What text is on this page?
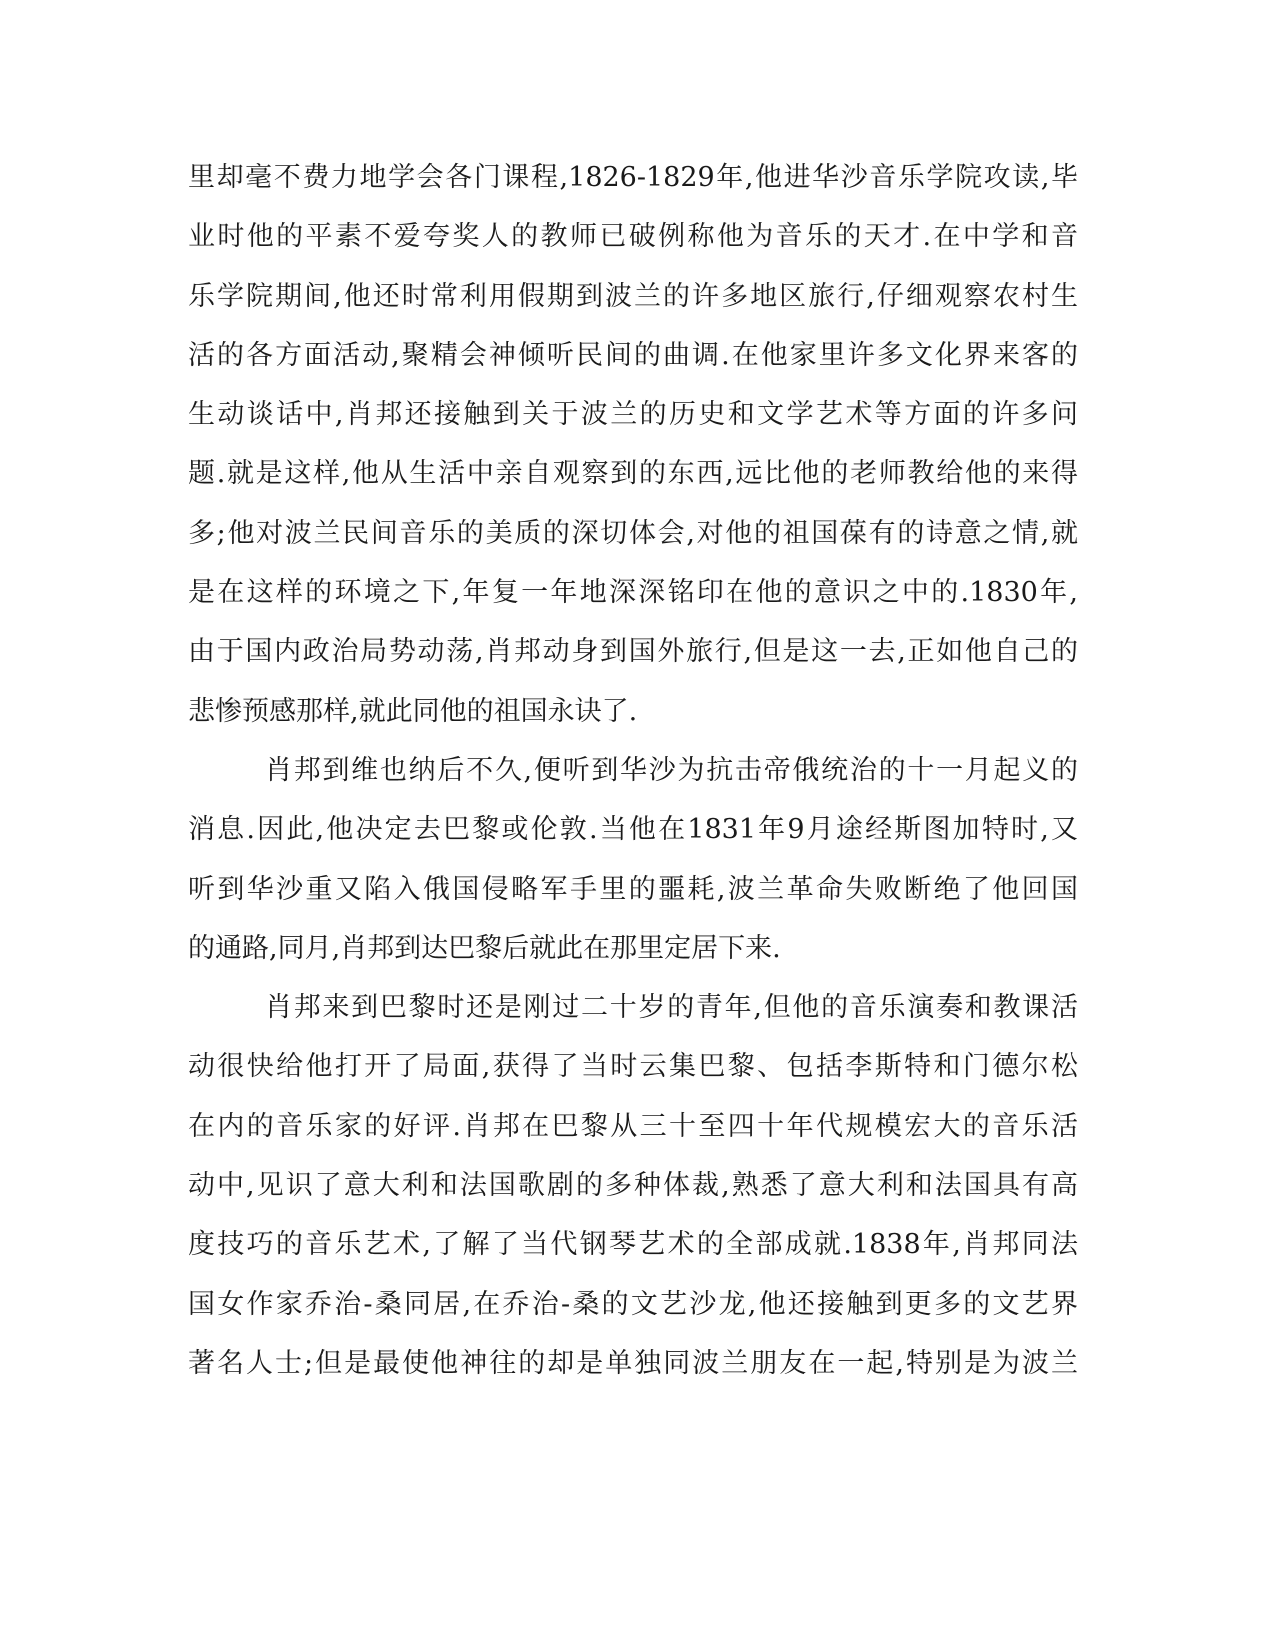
里却毫不费力地学会各门课程,1826-1829年,他进华沙音乐学院攻读,毕
业时他的平素不爱夸奖人的教师已破例称他为音乐的天才.在中学和音
乐学院期间,他还时常利用假期到波兰的许多地区旅行,仔细观察农村生
活的各方面活动,聚精会神倾听民间的曲调.在他家里许多文化界来客的
生动谈话中,肖邦还接触到关于波兰的历史和文学艺术等方面的许多问
题.就是这样,他从生活中亲自观察到的东西,远比他的老师教给他的来得
多;他对波兰民间音乐的美质的深切体会,对他的祖国葆有的诗意之情,就
是在这样的环境之下,年复一年地深深铭印在他的意识之中的.1830年,
由于国内政治局势动荡,肖邦动身到国外旅行,但是这一去,正如他自己的
悲惨预感那样,就此同他的祖国永诀了.
肖邦到维也纳后不久,便听到华沙为抗击帝俄统治的十一月起义的
消息.因此,他决定去巴黎或伦敦.当他在1831年9月途经斯图加特时,又
听到华沙重又陷入俄国侵略军手里的噩耗,波兰革命失败断绝了他回国
的通路,同月,肖邦到达巴黎后就此在那里定居下来.
肖邦来到巴黎时还是刚过二十岁的青年,但他的音乐演奏和教课活
动很快给他打开了局面,获得了当时云集巴黎、包括李斯特和门德尔松
在内的音乐家的好评.肖邦在巴黎从三十至四十年代规模宏大的音乐活
动中,见识了意大利和法国歌剧的多种体裁,熟悉了意大利和法国具有高
度技巧的音乐艺术,了解了当代钢琴艺术的全部成就.1838年,肖邦同法
国女作家乔治-桑同居,在乔治-桑的文艺沙龙,他还接触到更多的文艺界
著名人士;但是最使他神往的却是单独同波兰朋友在一起,特别是为波兰
